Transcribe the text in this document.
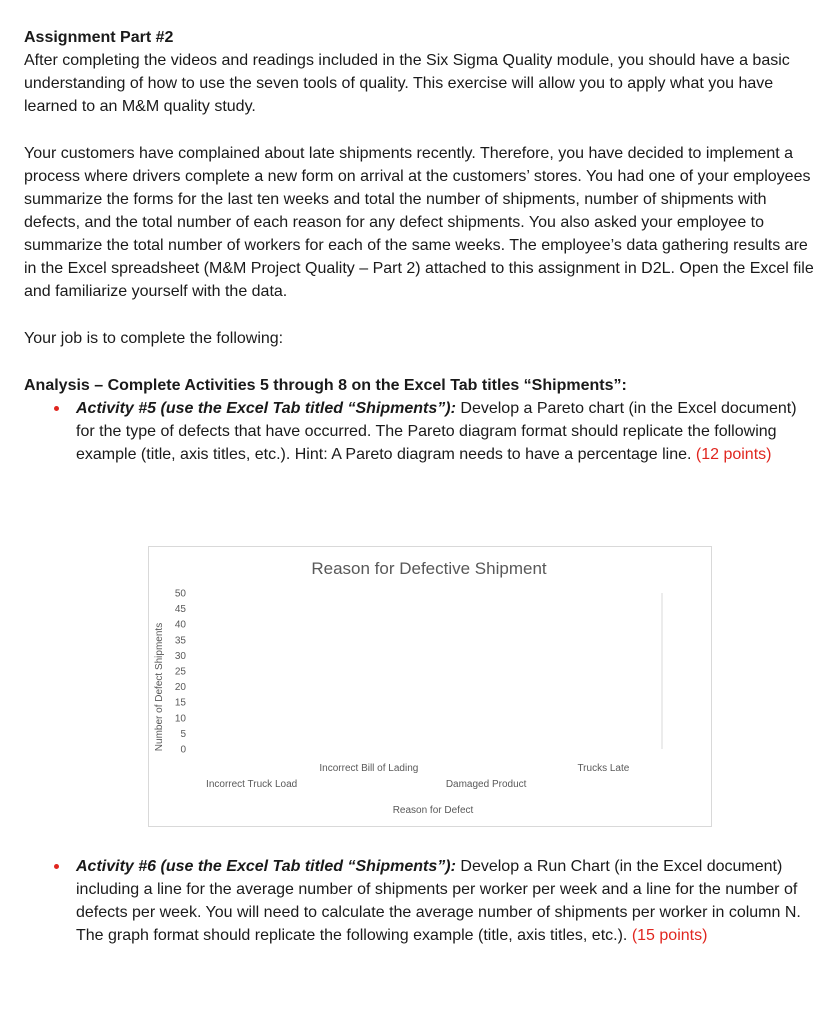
Assignment Part #2

After completing the videos and readings included in the Six Sigma Quality module, you should have a basic understanding of how to use the seven tools of quality. This exercise will allow you to apply what you have learned to an M&M quality study.

Your customers have complained about late shipments recently. Therefore, you have decided to implement a process where drivers complete a new form on arrival at the customers’ stores. You had one of your employees summarize the forms for the last ten weeks and total the number of shipments, number of shipments with defects, and the total number of each reason for any defect shipments. You also asked your employee to summarize the total number of workers for each of the same weeks. The employee’s data gathering results are in the Excel spreadsheet (M&M Project Quality – Part 2) attached to this assignment in D2L. Open the Excel file and familiarize yourself with the data.

Your job is to complete the following:

Analysis – Complete Activities 5 through 8 on the Excel Tab titles “Shipments”:

Activity #5 (use the Excel Tab titled “Shipments”): Develop a Pareto chart (in the Excel document) for the type of defects that have occurred. The Pareto diagram format should replicate the following example (title, axis titles, etc.). Hint: A Pareto diagram needs to have a percentage line. (12 points)
Reason for Defective Shipment
Number of Defect Shipments
Reason for Defect
0
5
10
15
20
25
30
35
40
45
50
Incorrect Truck Load
Incorrect Bill of Lading
Damaged Product
Trucks Late
Activity #6 (use the Excel Tab titled “Shipments”): Develop a Run Chart (in the Excel document) including a line for the average number of shipments per worker per week and a line for the number of defects per week. You will need to calculate the average number of shipments per worker in column N. The graph format should replicate the following example (title, axis titles, etc.). (15 points)
